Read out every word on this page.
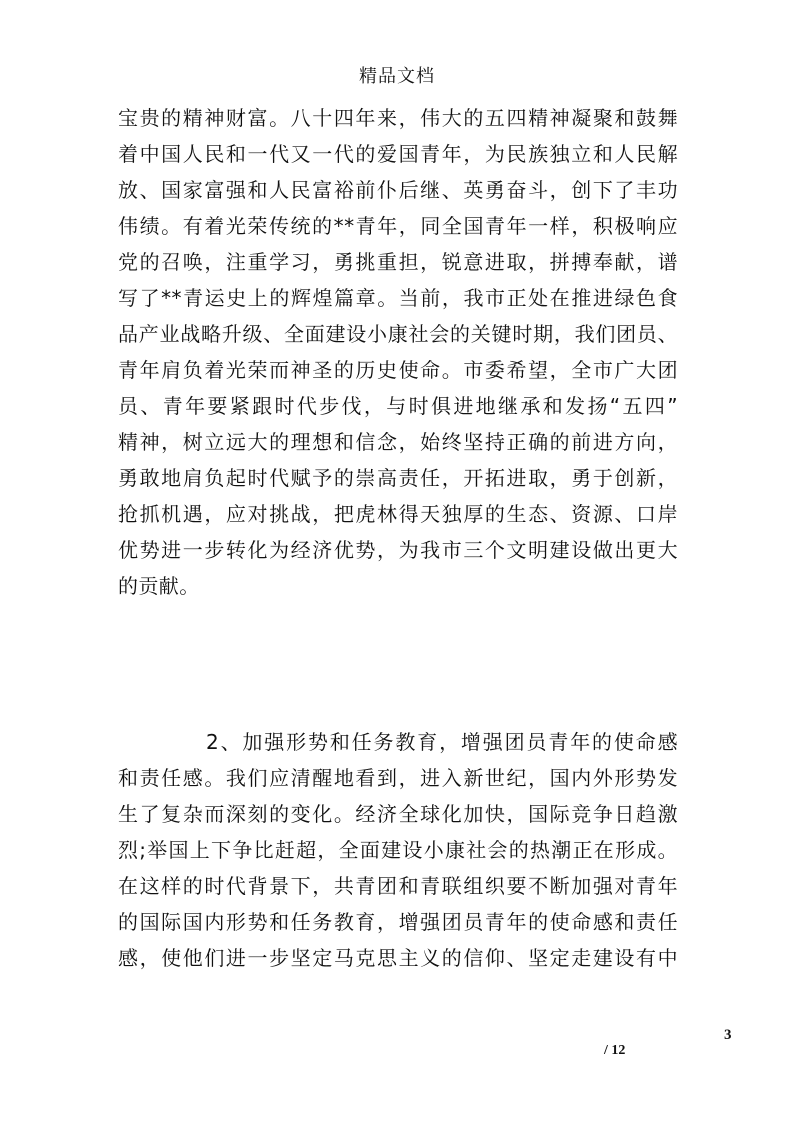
精品文档
宝贵的精神财富。八十四年来，伟大的五四精神凝聚和鼓舞
着中国人民和一代又一代的爱国青年，为民族独立和人民解
放、国家富强和人民富裕前仆后继、英勇奋斗，创下了丰功
伟绩。有着光荣传统的**青年，同全国青年一样，积极响应
党的召唤，注重学习，勇挑重担，锐意进取，拼搏奉献，谱
写了**青运史上的辉煌篇章。当前，我市正处在推进绿色食
品产业战略升级、全面建设小康社会的关键时期，我们团员、
青年肩负着光荣而神圣的历史使命。市委希望，全市广大团
员、青年要紧跟时代步伐，与时俱进地继承和发扬“五四”
精神，树立远大的理想和信念，始终坚持正确的前进方向，
勇敢地肩负起时代赋予的崇高责任，开拓进取，勇于创新，
抢抓机遇，应对挑战，把虎林得天独厚的生态、资源、口岸
优势进一步转化为经济优势，为我市三个文明建设做出更大
的贡献。
2、加强形势和任务教育，增强团员青年的使命感
和责任感。我们应清醒地看到，进入新世纪，国内外形势发
生了复杂而深刻的变化。经济全球化加快，国际竞争日趋激
烈;举国上下争比赶超，全面建设小康社会的热潮正在形成。
在这样的时代背景下，共青团和青联组织要不断加强对青年
的国际国内形势和任务教育，增强团员青年的使命感和责任
感，使他们进一步坚定马克思主义的信仰、坚定走建设有中
3
/ 12
